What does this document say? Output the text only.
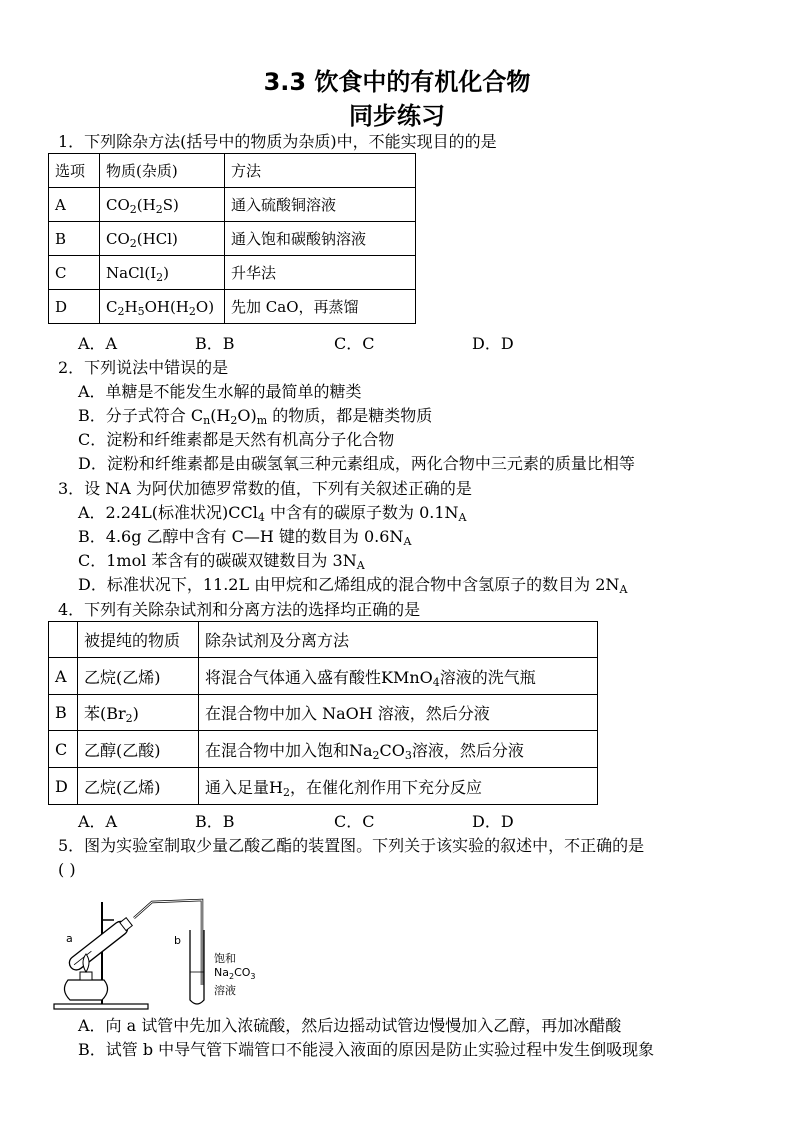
3.3 饮食中的有机化合物
同步练习
1．下列除杂方法(括号中的物质为杂质)中，不能实现目的的是
选项	物质(杂质)	方法
A	$CO_2(H_2S)$	通入硫酸铜溶液
B	$CO_2(HCl)$	通入饱和碳酸钠溶液
C	$NaCl(I_2)$	升华法
D	$C_2H_5OH(H_2O)$	先加 CaO，再蒸馏
A．A	B．B	C．C	D．D
2．下列说法中错误的是
A．单糖是不能发生水解的最简单的糖类
B．分子式符合 $C_n(H_2O)_m$ 的物质，都是糖类物质
C．淀粉和纤维素都是天然有机高分子化合物
D．淀粉和纤维素都是由碳氢氧三种元素组成，两化合物中三元素的质量比相等
3．设 NA 为阿伏加德罗常数的值，下列有关叙述正确的是
A．2.24L(标准状况)CCl$_4$ 中含有的碳原子数为 $0.1N_A$
B．4.6g 乙醇中含有 C—H 键的数目为 $0.6N_A$
C．1mol 苯含有的碳碳双键数目为 $3N_A$
D．标准状况下，11.2L 由甲烷和乙烯组成的混合物中含氢原子的数目为 $2N_A$
4．下列有关除杂试剂和分离方法的选择均正确的是
	被提纯的物质	除杂试剂及分离方法
A	乙烷(乙烯)	将混合气体通入盛有酸性KMnO$_4$溶液的洗气瓶
B	苯$(Br_2)$	在混合物中加入 NaOH 溶液，然后分液
C	乙醇(乙酸)	在混合物中加入饱和$Na_2CO_3$溶液，然后分液
D	乙烷(乙烯)	通入足量$H_2$，在催化剂作用下充分反应
A．A	B．B	C．C	D．D
5．图为实验室制取少量乙酸乙酯的装置图。下列关于该实验的叙述中，不正确的是
( )
a	b
饱和
$Na_2CO_3$
溶液
A．向 a 试管中先加入浓硫酸，然后边摇动试管边慢慢加入乙醇，再加冰醋酸
B．试管 b 中导气管下端管口不能浸入液面的原因是防止实验过程中发生倒吸现象
